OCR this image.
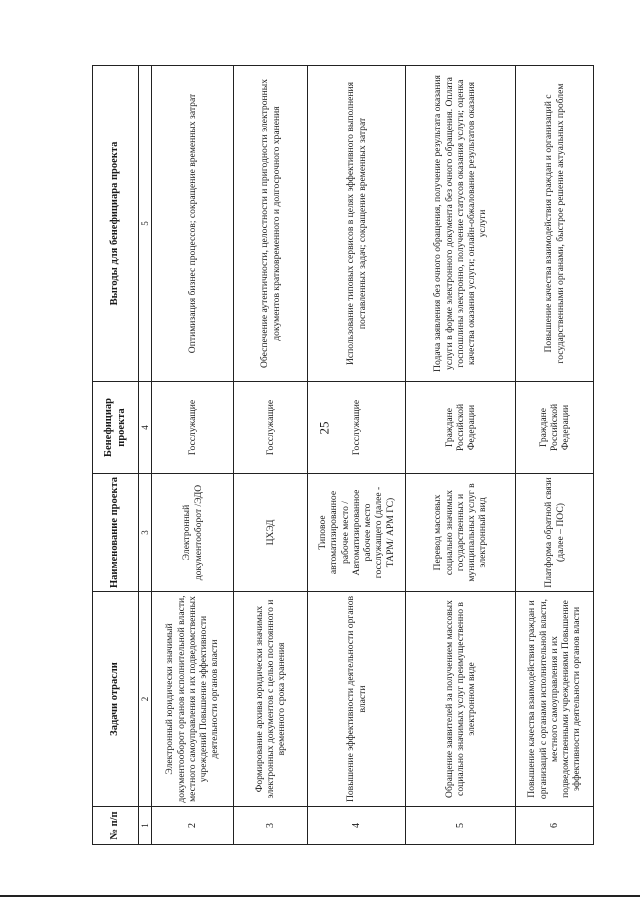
25
№ п/п	Задачи отрасли	Наименование проекта	Бенефициар проекта	Выгоды для бенефициара проекта
1	2	3	4	5
2	Электронный юридически значимый документооборот органов исполнительной власти, местного самоуправления и их подведомственных учреждений Повышение эффективности деятельности органов власти	Электронный документооборот /ЭДО	Госслужащие	Оптимизация бизнес процессов; сокращение временных затрат
3	Формирование архива юридически значимых электронных документов с целью постоянного и временного срока хранения	ЦХЭД	Госслужащие	Обеспечение аутентичности, целостности и пригодности электронных документов кратковременного и долгосрочного хранения
4	Повышение эффективности деятельности органов власти	Типовое автоматизированное рабочее место / Автоматизированное рабочее место госслужащего (далее - ТАРМ/ АРМ ГС)	Госслужащие	Использование типовых сервисов в целях эффективного выполнения поставленных задач; сокращение временных затрат
5	Обращение заявителей за получением массовых социально значимых услуг преимущественно в электронном виде	Перевод массовых социально значимых государственных и муниципальных услуг в электронный вид	Граждане Российской Федерации	Подача заявления без очного обращения, получение результата оказания услуги в форме электронного документа без очного обращения. Оплата госпошлины электронно, получение статусов оказания услуги; оценка качества оказания услуги; онлайн-обжалование результатов оказания услуги
6	Повышение качества взаимодействия граждан и организаций с органами исполнительной власти, местного самоуправления и их подведомственными учреждениями Повышение эффективности деятельности органов власти	Платформа обратной связи (далее – ПОС)	Граждане Российской Федерации	Повышение качества взаимодействия граждан и организаций с государственными органами, быстрое решение актуальных проблем
